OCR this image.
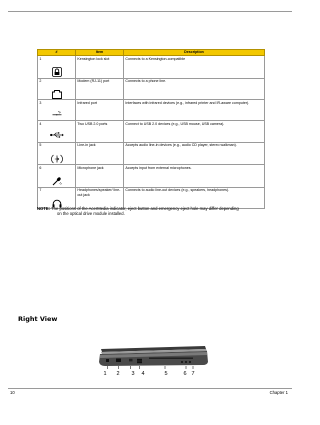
#	Item	Description
1	Kensington lock slot	Connects to a Kensington-compatible
2	Modem (RJ-11) port	Connects to a phone line.
3	Infrared port	Interfaces with infrared devices (e.g., infrared printer and IR-aware computer).
4	Two USB 2.0 ports	Connect to USB 2.0 devices (e.g., USB mouse, USB camera).
5	Line-in jack	Accepts audio line-in devices (e.g., audio CD player, stereo walkman).
6	Microphone jack	Accepts input from external microphones.
7	Headphones/speaker/ line-out jack	Connects to audio line-out devices (e.g., speakers, headphones).
NOTE: The positions of the AcerMedia indicator, eject button and emergency eject hole may differ depending
on the optical drive module installed.
Right View
1 2 3 4	5	6 7
10	Chapter 1
